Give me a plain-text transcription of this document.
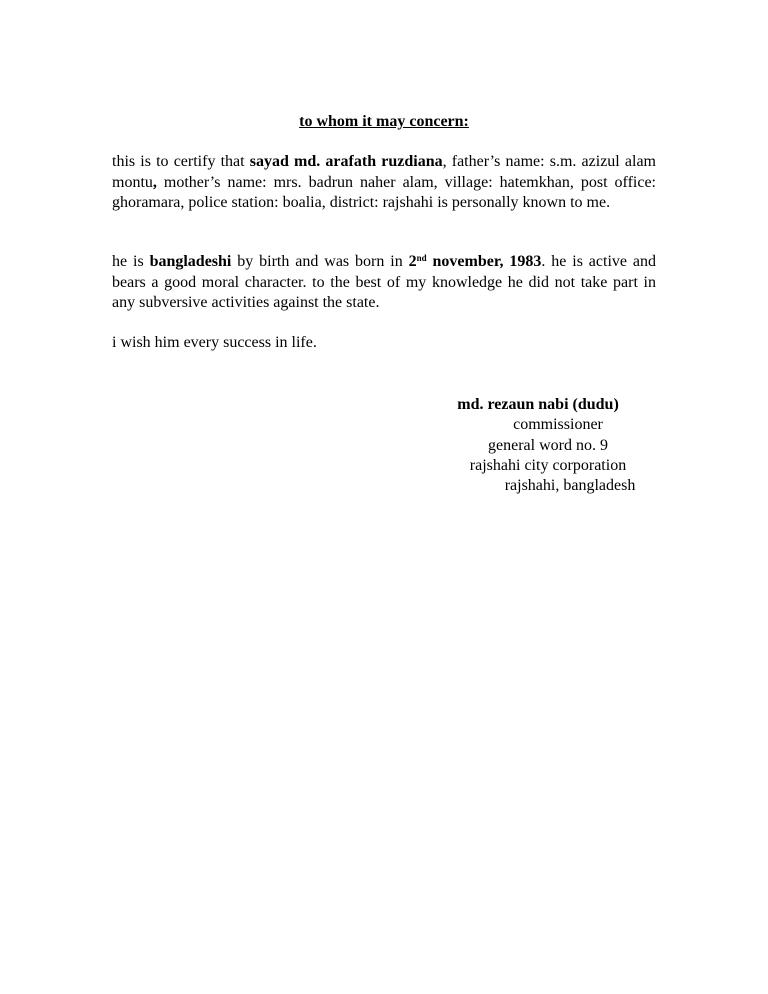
to whom it may concern:

this is to certify that sayad md. arafath ruzdiana, father’s name: s.m. azizul alam montu, mother’s name: mrs. badrun naher alam, village: hatemkhan, post office: ghoramara, police station: boalia, district: rajshahi is personally known to me.

he is bangladeshi by birth and was born in 2nd november, 1983. he is active and bears a good moral character. to the best of my knowledge he did not take part in any subversive activities against the state.

i wish him every success in life.

md. rezaun nabi (dudu)
commissioner
general word no. 9
rajshahi city corporation
rajshahi, bangladesh
